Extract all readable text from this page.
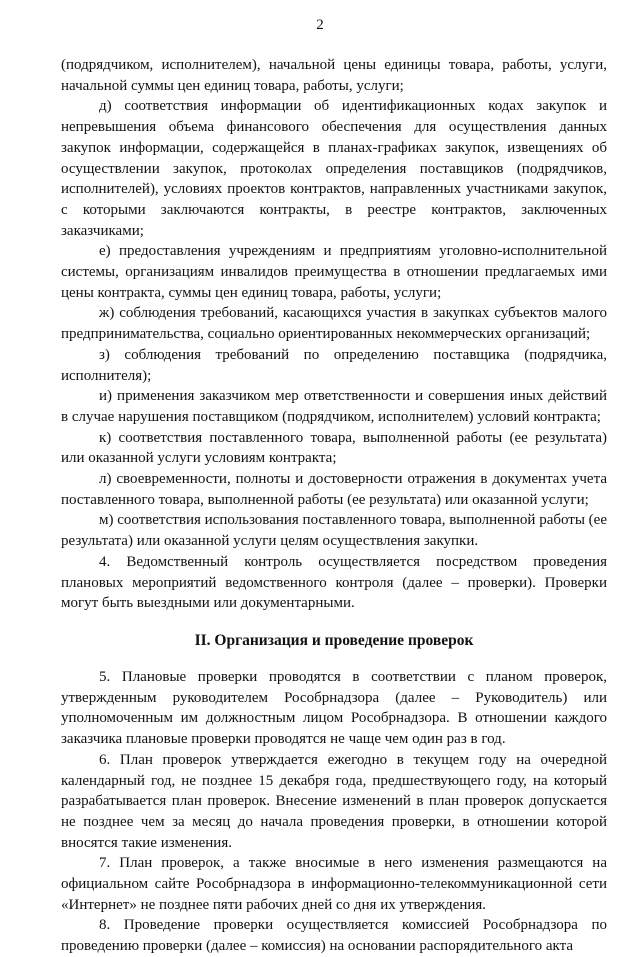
2

(подрядчиком, исполнителем), начальной цены единицы товара, работы, услуги, начальной суммы цен единиц товара, работы, услуги;

д) соответствия информации об идентификационных кодах закупок и непревышения объема финансового обеспечения для осуществления данных закупок информации, содержащейся в планах-графиках закупок, извещениях об осуществлении закупок, протоколах определения поставщиков (подрядчиков, исполнителей), условиях проектов контрактов, направленных участниками закупок, с которыми заключаются контракты, в реестре контрактов, заключенных заказчиками;

е) предоставления учреждениям и предприятиям уголовно-исполнительной системы, организациям инвалидов преимущества в отношении предлагаемых ими цены контракта, суммы цен единиц товара, работы, услуги;

ж) соблюдения требований, касающихся участия в закупках субъектов малого предпринимательства, социально ориентированных некоммерческих организаций;

з) соблюдения требований по определению поставщика (подрядчика, исполнителя);

и) применения заказчиком мер ответственности и совершения иных действий в случае нарушения поставщиком (подрядчиком, исполнителем) условий контракта;

к) соответствия поставленного товара, выполненной работы (ее результата) или оказанной услуги условиям контракта;

л) своевременности, полноты и достоверности отражения в документах учета поставленного товара, выполненной работы (ее результата) или оказанной услуги;

м) соответствия использования поставленного товара, выполненной работы (ее результата) или оказанной услуги целям осуществления закупки.

4. Ведомственный контроль осуществляется посредством проведения плановых мероприятий ведомственного контроля (далее – проверки). Проверки могут быть выездными или документарными.

II. Организация и проведение проверок

5. Плановые проверки проводятся в соответствии с планом проверок, утвержденным руководителем Рособрнадзора (далее – Руководитель) или уполномоченным им должностным лицом Рособрнадзора. В отношении каждого заказчика плановые проверки проводятся не чаще чем один раз в год.

6. План проверок утверждается ежегодно в текущем году на очередной календарный год, не позднее 15 декабря года, предшествующего году, на который разрабатывается план проверок. Внесение изменений в план проверок допускается не позднее чем за месяц до начала проведения проверки, в отношении которой вносятся такие изменения.

7. План проверок, а также вносимые в него изменения размещаются на официальном сайте Рособрнадзора в информационно-телекоммуникационной сети «Интернет» не позднее пяти рабочих дней со дня их утверждения.

8. Проведение проверки осуществляется комиссией Рособрнадзора по проведению проверки (далее – комиссия) на основании распорядительного акта
